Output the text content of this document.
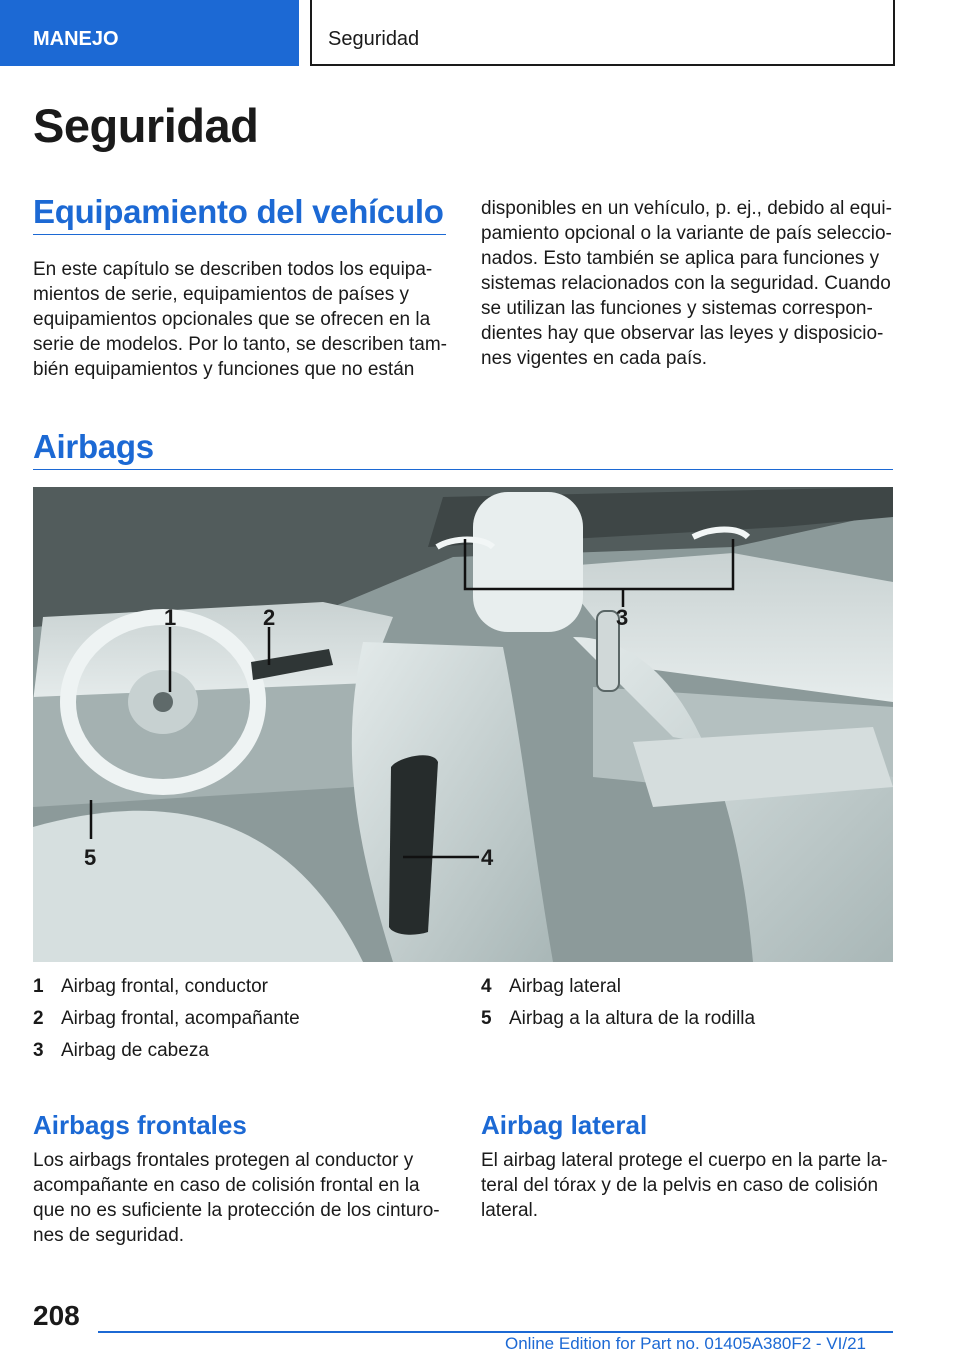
MANEJO	Seguridad
Seguridad
Equipamiento del vehículo
En este capítulo se describen todos los equipa-
mientos de serie, equipamientos de países y
equipamientos opcionales que se ofrecen en la
serie de modelos. Por lo tanto, se describen tam-
bién equipamientos y funciones que no están
disponibles en un vehículo, p. ej., debido al equi-
pamiento opcional o la variante de país seleccio-
nados. Esto también se aplica para funciones y
sistemas relacionados con la seguridad. Cuando
se utilizan las funciones y sistemas correspon-
dientes hay que observar las leyes y disposicio-
nes vigentes en cada país.
Airbags
1	2	3
4
5
1 Airbag frontal, conductor
2 Airbag frontal, acompañante
3 Airbag de cabeza
4 Airbag lateral
5 Airbag a la altura de la rodilla
Airbags frontales
Los airbags frontales protegen al conductor y
acompañante en caso de colisión frontal en la
que no es suficiente la protección de los cinturo-
nes de seguridad.
Airbag lateral
El airbag lateral protege el cuerpo en la parte la-
teral del tórax y de la pelvis en caso de colisión
lateral.
208
Online Edition for Part no. 01405A380F2 - VI/21
